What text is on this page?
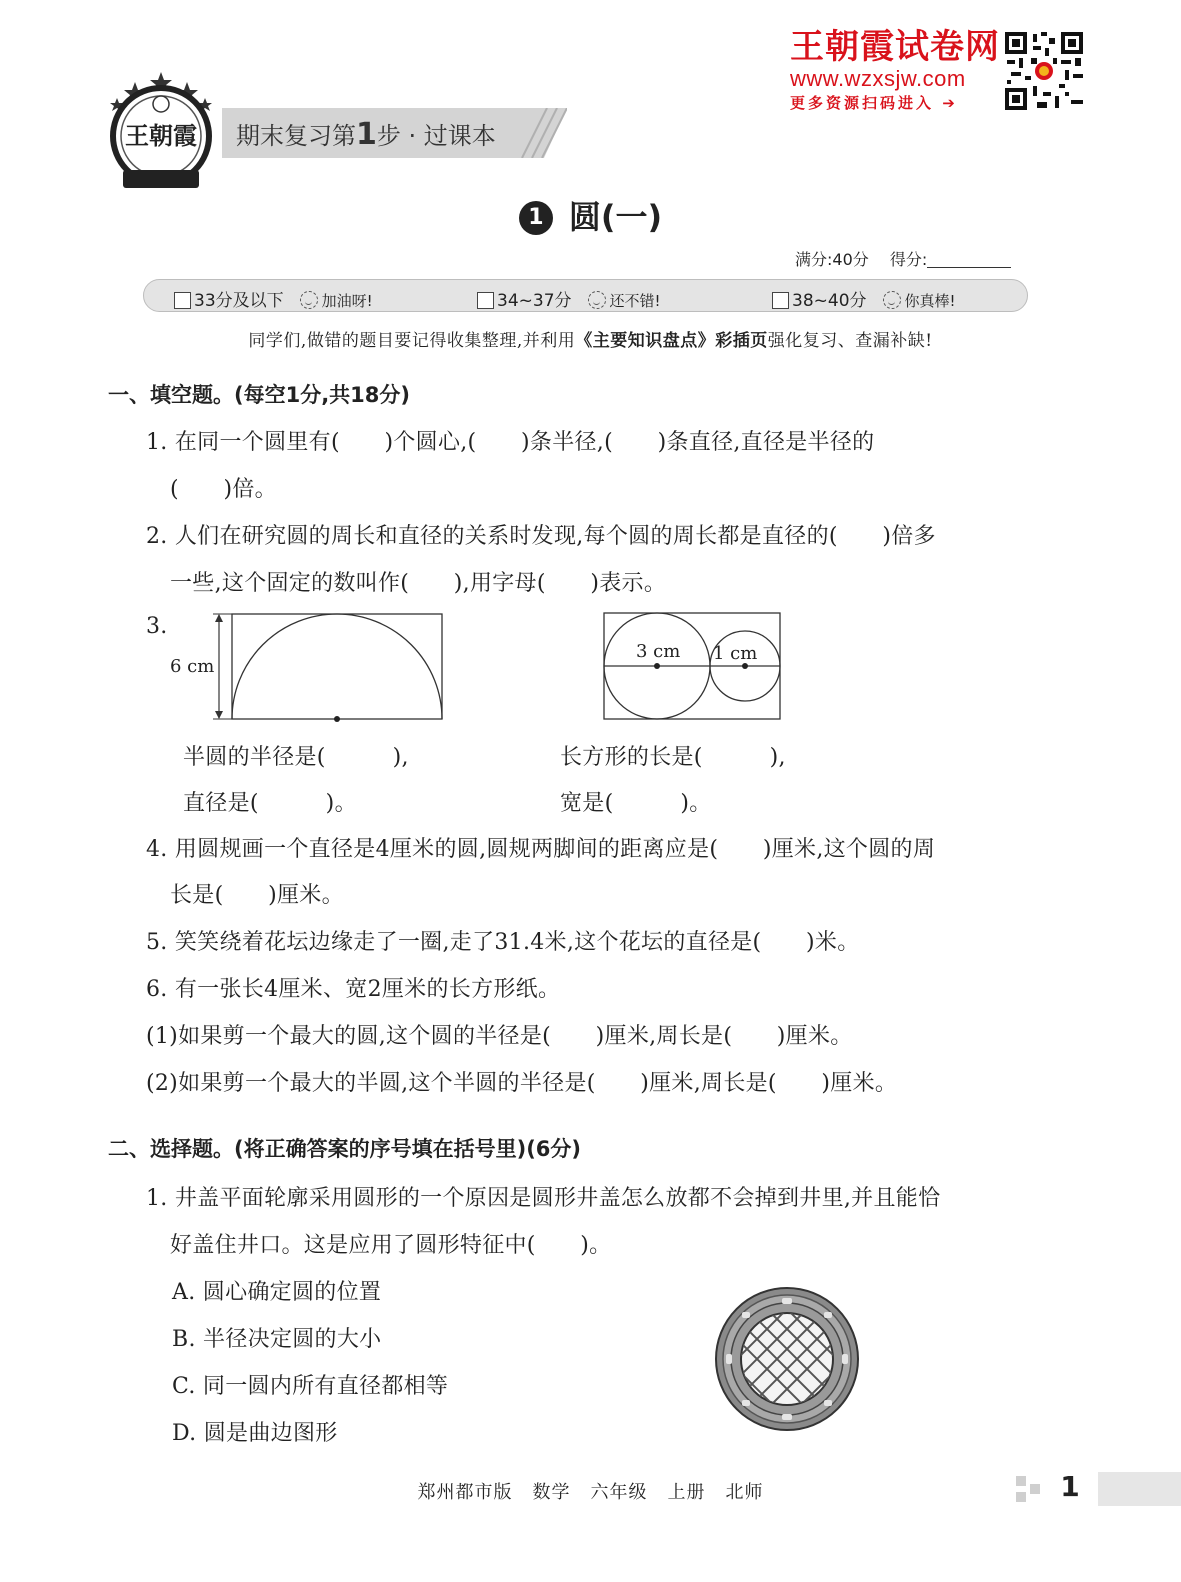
王朝霞 期末复习第1步 · 过课本
王朝霞试卷网
www.wzxsjw.com
更多资源扫码进入 ➔
1 圆(一)
满分:40分 得分:
33分及以下	加油呀!	34~37分	还不错!	38~40分	你真棒!
同学们,做错的题目要记得收集整理,并利用《主要知识盘点》彩插页强化复习、查漏补缺!
一、填空题。(每空1分,共18分)
1. 在同一个圆里有(　　)个圆心,(　　)条半径,(　　)条直径,直径是半径的
(　　)倍。
2. 人们在研究圆的周长和直径的关系时发现,每个圆的周长都是直径的(　　)倍多
一些,这个固定的数叫作(　　),用字母(　　)表示。
3.
6 cm
3 cm 1 cm
半圆的半径是(　　　),
直径是(　　　)。
长方形的长是(　　　),
宽是(　　　)。
4. 用圆规画一个直径是4厘米的圆,圆规两脚间的距离应是(　　)厘米,这个圆的周
长是(　　)厘米。
5. 笑笑绕着花坛边缘走了一圈,走了31.4米,这个花坛的直径是(　　)米。
6. 有一张长4厘米、宽2厘米的长方形纸。
(1)如果剪一个最大的圆,这个圆的半径是(　　)厘米,周长是(　　)厘米。
(2)如果剪一个最大的半圆,这个半圆的半径是(　　)厘米,周长是(　　)厘米。
二、选择题。(将正确答案的序号填在括号里)(6分)
1. 井盖平面轮廓采用圆形的一个原因是圆形井盖怎么放都不会掉到井里,并且能恰
好盖住井口。这是应用了圆形特征中(　　)。
A. 圆心确定圆的位置
B. 半径决定圆的大小
C. 同一圆内所有直径都相等
D. 圆是曲边图形
郑州都市版 数学 六年级 上册 北师	1
